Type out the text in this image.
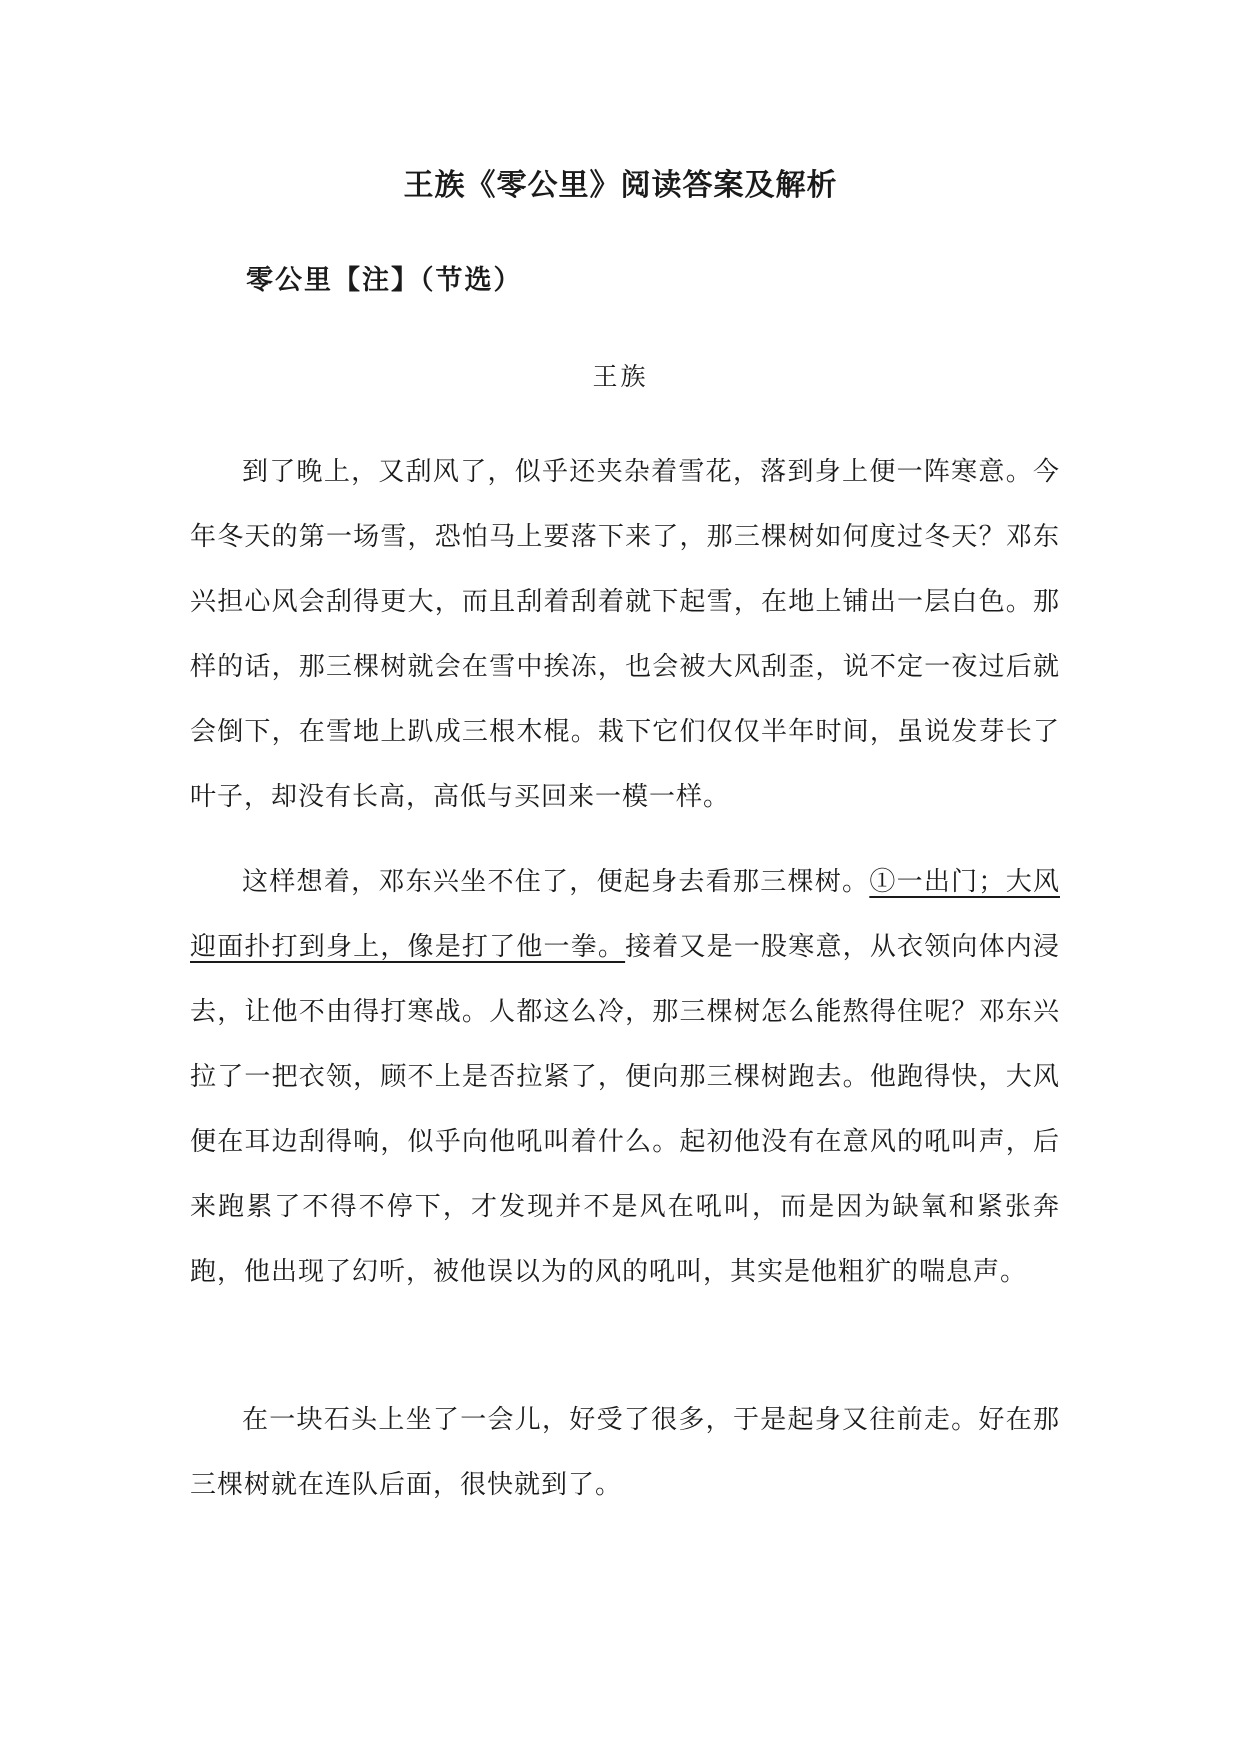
王族《零公里》阅读答案及解析
零公里【注】（节选）

王族

到了晚上，又刮风了，似乎还夹杂着雪花，落到身上便一阵寒意。今年冬天的第一场雪，恐怕马上要落下来了，那三棵树如何度过冬天？邓东兴担心风会刮得更大，而且刮着刮着就下起雪，在地上铺出一层白色。那样的话，那三棵树就会在雪中挨冻，也会被大风刮歪，说不定一夜过后就会倒下，在雪地上趴成三根木棍。栽下它们仅仅半年时间，虽说发芽长了叶子，却没有长高，高低与买回来一模一样。

这样想着，邓东兴坐不住了，便起身去看那三棵树。①一出门；大风迎面扑打到身上，像是打了他一拳。接着又是一股寒意，从衣领向体内浸去，让他不由得打寒战。人都这么冷，那三棵树怎么能熬得住呢？邓东兴拉了一把衣领，顾不上是否拉紧了，便向那三棵树跑去。他跑得快，大风便在耳边刮得响，似乎向他吼叫着什么。起初他没有在意风的吼叫声，后来跑累了不得不停下，才发现并不是风在吼叫，而是因为缺氧和紧张奔跑，他出现了幻听，被他误以为的风的吼叫，其实是他粗犷的喘息声。

在一块石头上坐了一会儿，好受了很多，于是起身又往前走。好在那三棵树就在连队后面，很快就到了。
